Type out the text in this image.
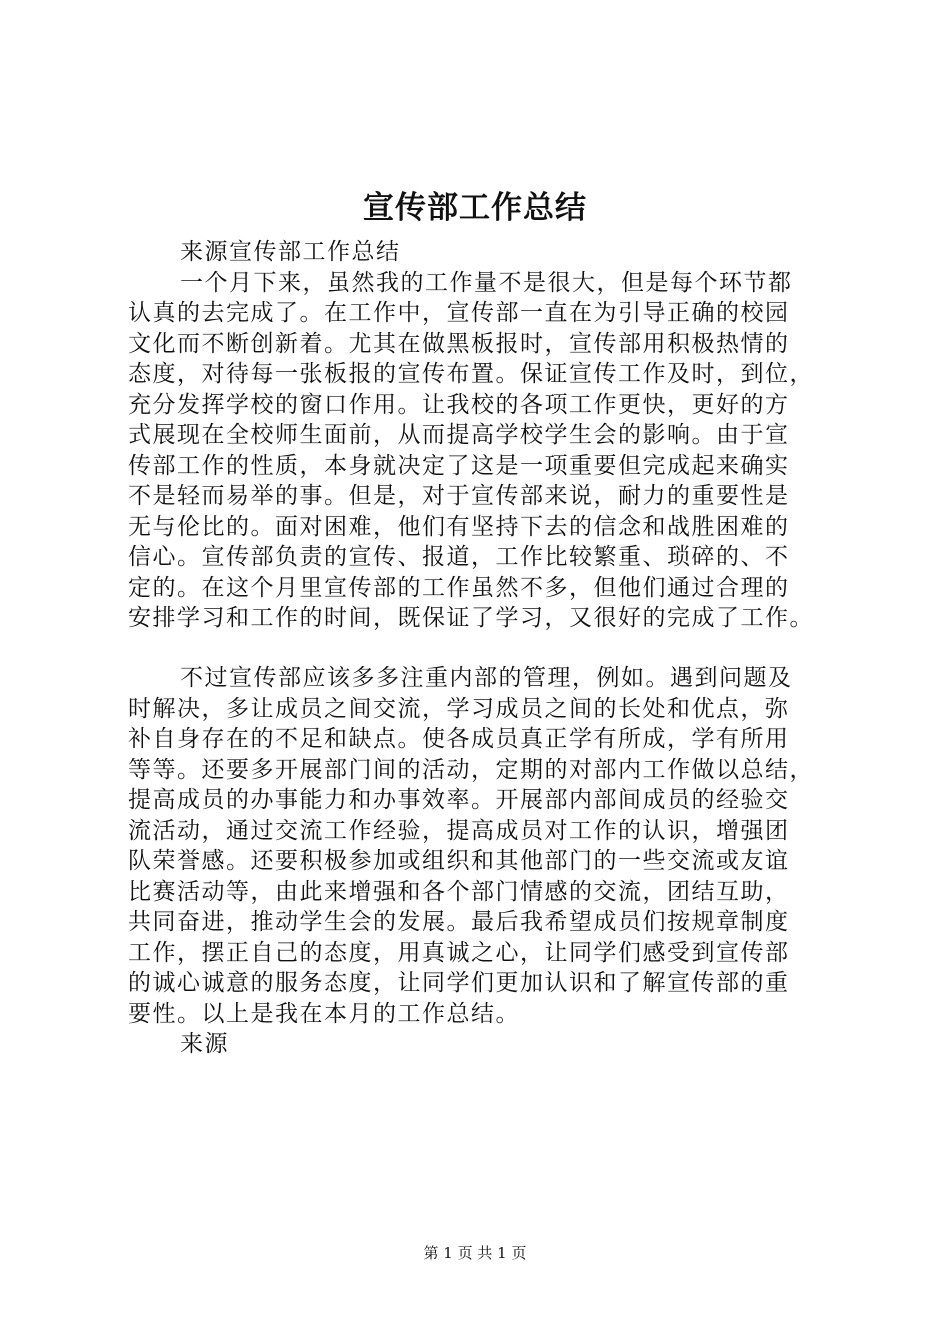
宣传部工作总结
来源宣传部工作总结
一个月下来，虽然我的工作量不是很大，但是每个环节都
认真的去完成了。在工作中，宣传部一直在为引导正确的校园
文化而不断创新着。尤其在做黑板报时，宣传部用积极热情的
态度，对待每一张板报的宣传布置。保证宣传工作及时，到位，
充分发挥学校的窗口作用。让我校的各项工作更快，更好的方
式展现在全校师生面前，从而提高学校学生会的影响。由于宣
传部工作的性质，本身就决定了这是一项重要但完成起来确实
不是轻而易举的事。但是，对于宣传部来说，耐力的重要性是
无与伦比的。面对困难，他们有坚持下去的信念和战胜困难的
信心。宣传部负责的宣传、报道，工作比较繁重、琐碎的、不
定的。在这个月里宣传部的工作虽然不多，但他们通过合理的
安排学习和工作的时间，既保证了学习，又很好的完成了工作。
不过宣传部应该多多注重内部的管理，例如。遇到问题及
时解决，多让成员之间交流，学习成员之间的长处和优点，弥
补自身存在的不足和缺点。使各成员真正学有所成，学有所用
等等。还要多开展部门间的活动，定期的对部内工作做以总结，
提高成员的办事能力和办事效率。开展部内部间成员的经验交
流活动，通过交流工作经验，提高成员对工作的认识，增强团
队荣誉感。还要积极参加或组织和其他部门的一些交流或友谊
比赛活动等，由此来增强和各个部门情感的交流，团结互助，
共同奋进，推动学生会的发展。最后我希望成员们按规章制度
工作，摆正自己的态度，用真诚之心，让同学们感受到宣传部
的诚心诚意的服务态度，让同学们更加认识和了解宣传部的重
要性。以上是我在本月的工作总结。
来源
第 1 页 共 1 页
